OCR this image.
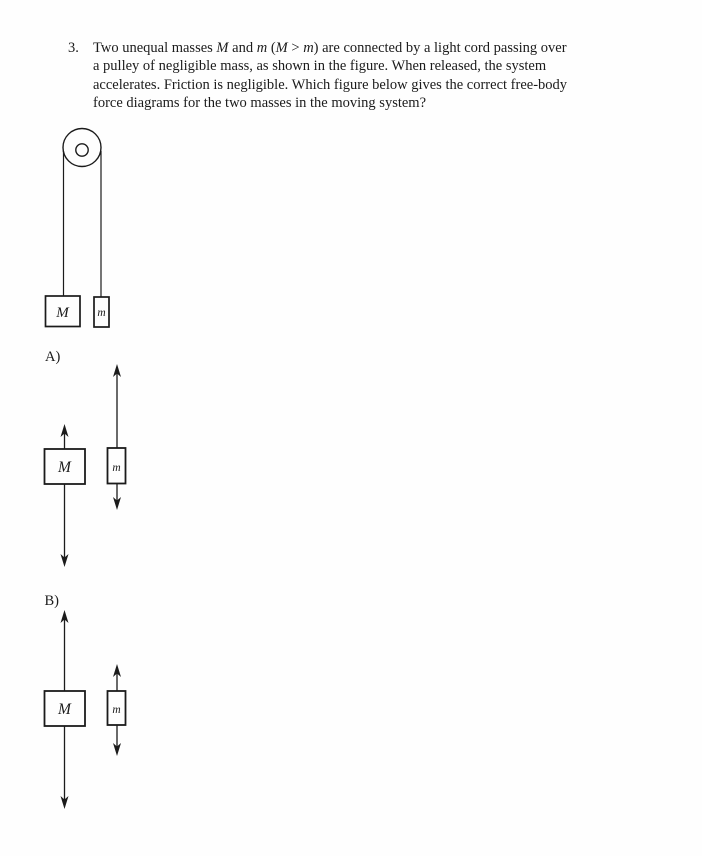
3. Two unequal masses M and m (M > m) are connected by a light cord passing over
a pulley of negligible mass, as shown in the figure. When released, the system
accelerates. Friction is negligible. Which figure below gives the correct free-body
force diagrams for the two masses in the moving system?
M m
A)
M	m
B)
M	m
